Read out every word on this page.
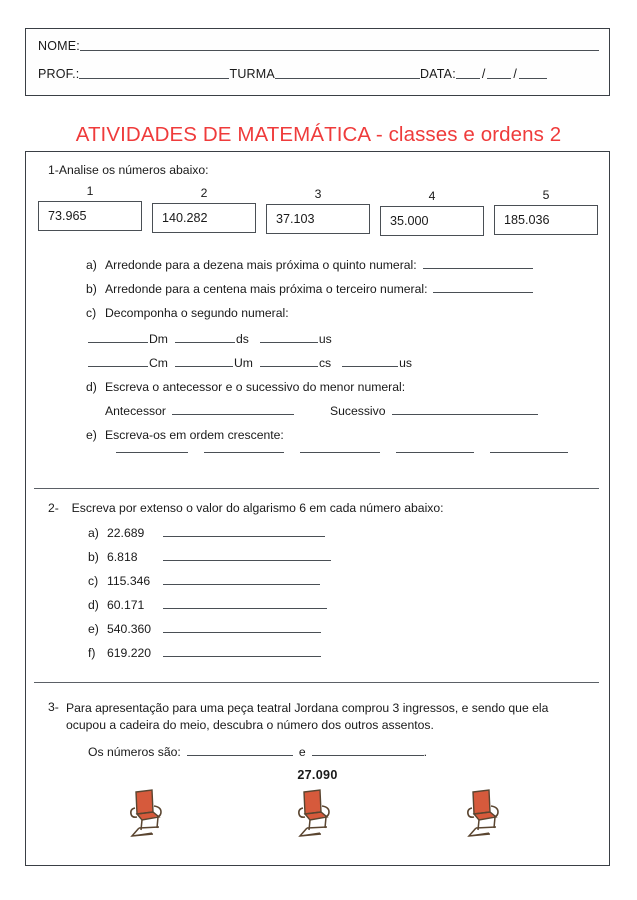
NOME:
PROF.:	TURMA	DATA: / /
ATIVIDADES DE MATEMÁTICA - classes e ordens 2
1-Analise os números abaixo:
1
73.965
2
140.282
3
37.103
4
35.000
5
185.036
a) Arredonde para a dezena mais próxima o quinto numeral:
b) Arredonde para a centena mais próxima o terceiro numeral:
c) Decomponha o segundo numeral:
Dm	ds	us
Cm	Um	cs	us
d) Escreva o antecessor e o sucessivo do menor numeral:
Antecessor	Sucessivo
e) Escreva-os em ordem crescente:
2- Escreva por extenso o valor do algarismo 6 em cada número abaixo:
a) 22.689
b) 6.818
c) 115.346
d) 60.171
e) 540.360
f) 619.220
3- Para apresentação para uma peça teatral Jordana comprou 3 ingressos, e sendo que ela ocupou a cadeira do meio, descubra o número dos outros assentos.
Os números são:	e	.
27.090
